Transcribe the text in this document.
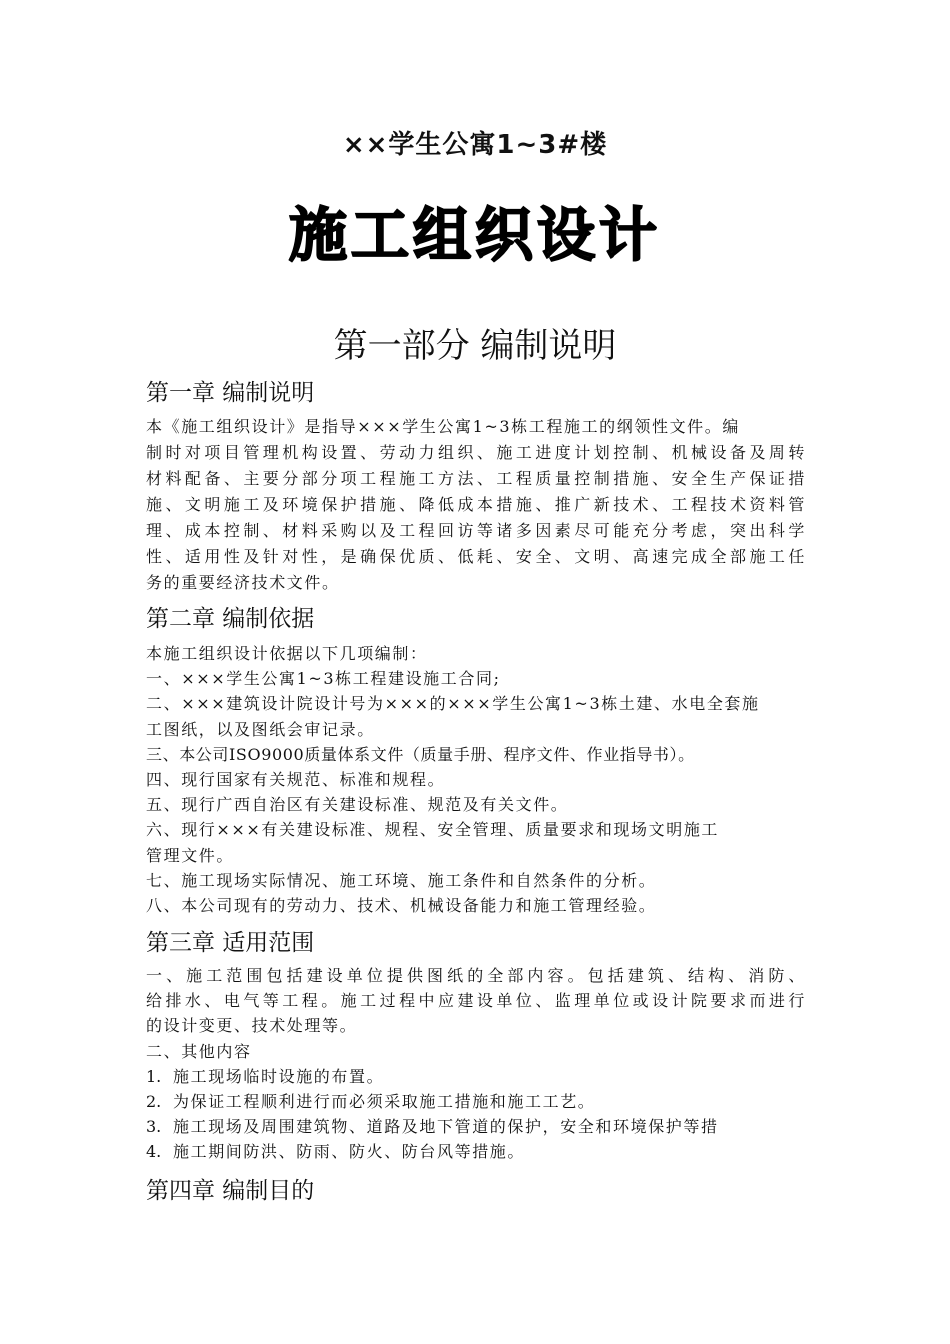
××学生公寓1~3#楼
施工组织设计
第一部分 编制说明
第一章 编制说明
本《施工组织设计》是指导×××学生公寓1~3栋工程施工的纲领性文件。编
制时对项目管理机构设置、劳动力组织、施工进度计划控制、机械设备及周转
材料配备、主要分部分项工程施工方法、工程质量控制措施、安全生产保证措
施、文明施工及环境保护措施、降低成本措施、推广新技术、工程技术资料管
理、成本控制、材料采购以及工程回访等诸多因素尽可能充分考虑，突出科学
性、适用性及针对性，是确保优质、低耗、安全、文明、高速完成全部施工任
务的重要经济技术文件。
第二章 编制依据
本施工组织设计依据以下几项编制：
一、×××学生公寓1~3栋工程建设施工合同;
二、×××建筑设计院设计号为×××的×××学生公寓1~3栋土建、水电全套施
工图纸，以及图纸会审记录。
三、本公司ISO9000质量体系文件（质量手册、程序文件、作业指导书）。
四、现行国家有关规范、标准和规程。
五、现行广西自治区有关建设标准、规范及有关文件。
六、现行×××有关建设标准、规程、安全管理、质量要求和现场文明施工
管理文件。
七、施工现场实际情况、施工环境、施工条件和自然条件的分析。
八、本公司现有的劳动力、技术、机械设备能力和施工管理经验。
第三章 适用范围
一、施工范围包括建设单位提供图纸的全部内容。包括建筑、结构、消防、
给排水、电气等工程。施工过程中应建设单位、监理单位或设计院要求而进行
的设计变更、技术处理等。
二、其他内容
1. 施工现场临时设施的布置。
2. 为保证工程顺利进行而必须采取施工措施和施工工艺。
3. 施工现场及周围建筑物、道路及地下管道的保护，安全和环境保护等措
4. 施工期间防洪、防雨、防火、防台风等措施。
第四章 编制目的
